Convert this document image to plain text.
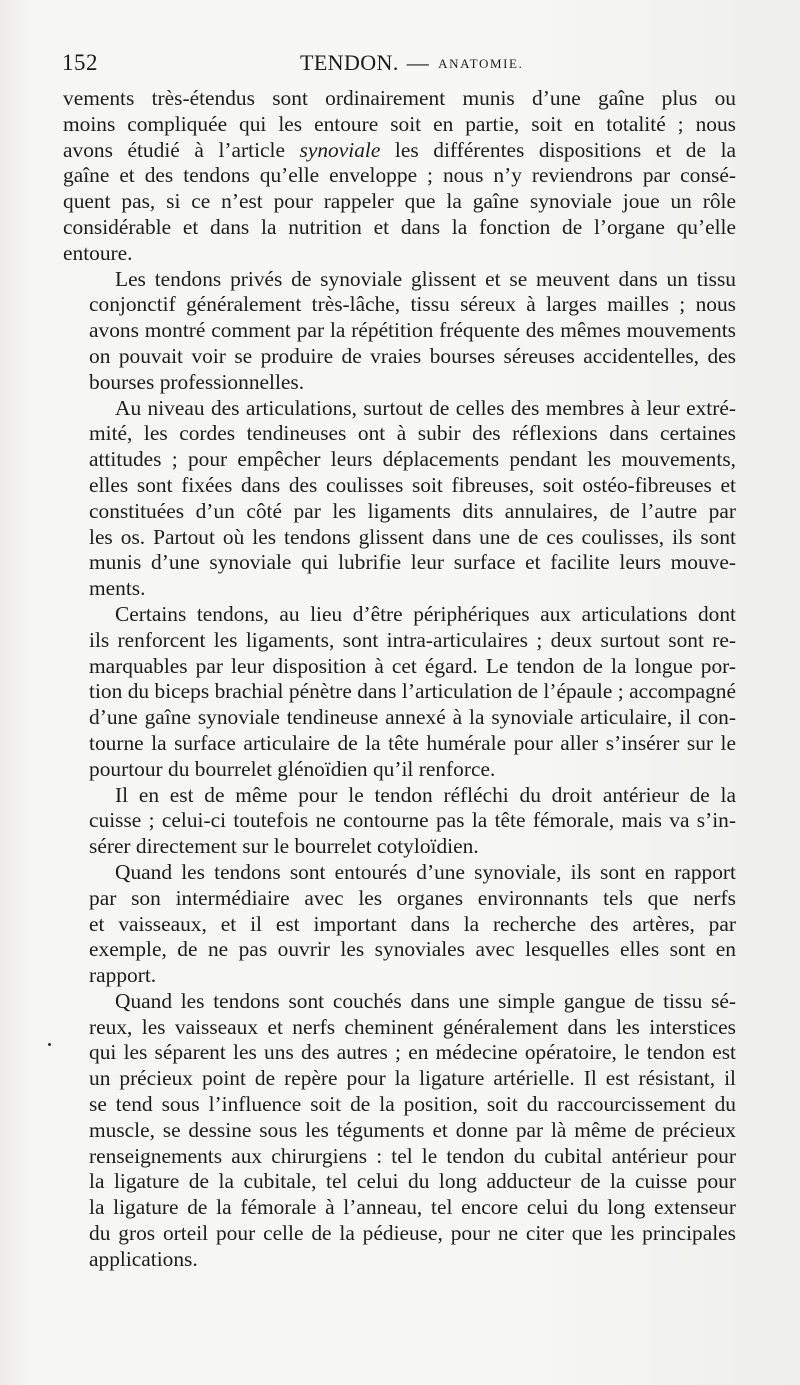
152	TENDON. — ANATOMIE.
vements très-étendus sont ordinairement munis d’une gaîne plus ou
moins compliquée qui les entoure soit en partie, soit en totalité ; nous
avons étudié à l’article synoviale les différentes dispositions et de la
gaîne et des tendons qu’elle enveloppe ; nous n’y reviendrons par consé-
quent pas, si ce n’est pour rappeler que la gaîne synoviale joue un rôle
considérable et dans la nutrition et dans la fonction de l’organe qu’elle
entoure.
Les tendons privés de synoviale glissent et se meuvent dans un tissu
conjonctif généralement très-lâche, tissu séreux à larges mailles ; nous
avons montré comment par la répétition fréquente des mêmes mouvements
on pouvait voir se produire de vraies bourses séreuses accidentelles, des
bourses professionnelles.
Au niveau des articulations, surtout de celles des membres à leur extré-
mité, les cordes tendineuses ont à subir des réflexions dans certaines
attitudes ; pour empêcher leurs déplacements pendant les mouvements,
elles sont fixées dans des coulisses soit fibreuses, soit ostéo-fibreuses et
constituées d’un côté par les ligaments dits annulaires, de l’autre par
les os. Partout où les tendons glissent dans une de ces coulisses, ils sont
munis d’une synoviale qui lubrifie leur surface et facilite leurs mouve-
ments.
Certains tendons, au lieu d’être périphériques aux articulations dont
ils renforcent les ligaments, sont intra-articulaires ; deux surtout sont re-
marquables par leur disposition à cet égard. Le tendon de la longue por-
tion du biceps brachial pénètre dans l’articulation de l’épaule ; accompagné
d’une gaîne synoviale tendineuse annexé à la synoviale articulaire, il con-
tourne la surface articulaire de la tête humérale pour aller s’insérer sur le
pourtour du bourrelet glénoïdien qu’il renforce.
Il en est de même pour le tendon réfléchi du droit antérieur de la
cuisse ; celui-ci toutefois ne contourne pas la tête fémorale, mais va s’in-
sérer directement sur le bourrelet cotyloïdien.
Quand les tendons sont entourés d’une synoviale, ils sont en rapport
par son intermédiaire avec les organes environnants tels que nerfs
et vaisseaux, et il est important dans la recherche des artères, par
exemple, de ne pas ouvrir les synoviales avec lesquelles elles sont en
rapport.
Quand les tendons sont couchés dans une simple gangue de tissu sé-
reux, les vaisseaux et nerfs cheminent généralement dans les interstices
qui les séparent les uns des autres ; en médecine opératoire, le tendon est
un précieux point de repère pour la ligature artérielle. Il est résistant, il
se tend sous l’influence soit de la position, soit du raccourcissement du
muscle, se dessine sous les téguments et donne par là même de précieux
renseignements aux chirurgiens : tel le tendon du cubital antérieur pour
la ligature de la cubitale, tel celui du long adducteur de la cuisse pour
la ligature de la fémorale à l’anneau, tel encore celui du long extenseur
du gros orteil pour celle de la pédieuse, pour ne citer que les principales
applications.
